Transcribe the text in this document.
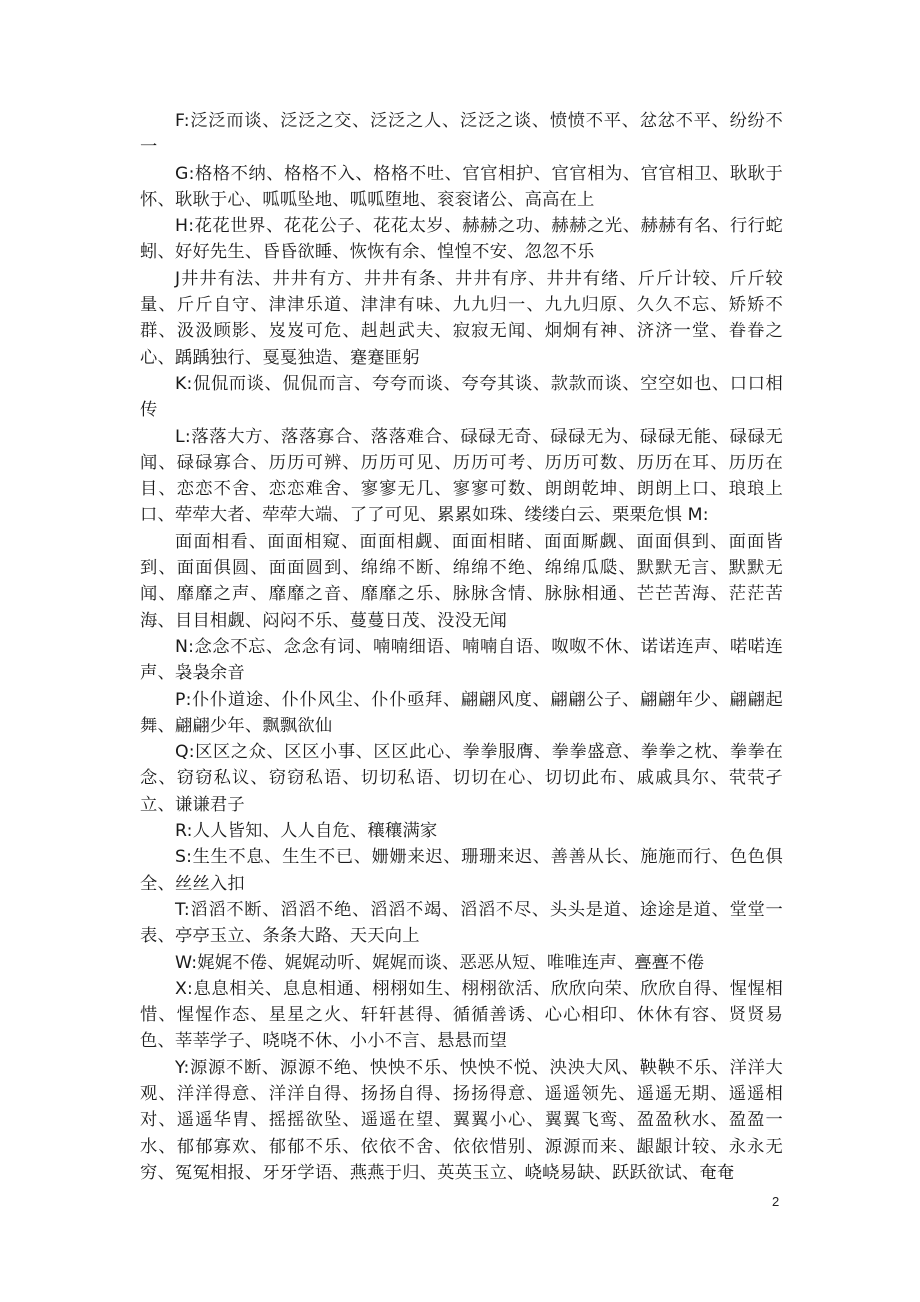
F:泛泛而谈、泛泛之交、泛泛之人、泛泛之谈、愤愤不平、忿忿不平、纷纷不一

G:格格不纳、格格不入、格格不吐、官官相护、官官相为、官官相卫、耿耿于怀、耿耿于心、呱呱坠地、呱呱堕地、衮衮诸公、高高在上

H:花花世界、花花公子、花花太岁、赫赫之功、赫赫之光、赫赫有名、行行蛇蚓、好好先生、昏昏欲睡、恢恢有余、惶惶不安、忽忽不乐

J井井有法、井井有方、井井有条、井井有序、井井有绪、斤斤计较、斤斤较量、斤斤自守、津津乐道、津津有味、九九归一、九九归原、久久不忘、矫矫不群、汲汲顾影、岌岌可危、赳赳武夫、寂寂无闻、炯炯有神、济济一堂、眷眷之心、踽踽独行、戛戛独造、蹇蹇匪躬

K:侃侃而谈、侃侃而言、夸夸而谈、夸夸其谈、款款而谈、空空如也、口口相传

L:落落大方、落落寡合、落落难合、碌碌无奇、碌碌无为、碌碌无能、碌碌无闻、碌碌寡合、历历可辨、历历可见、历历可考、历历可数、历历在耳、历历在目、恋恋不舍、恋恋难舍、寥寥无几、寥寥可数、朗朗乾坤、朗朗上口、琅琅上口、荦荦大者、荦荦大端、了了可见、累累如珠、缕缕白云、栗栗危惧 M:

面面相看、面面相窥、面面相觑、面面相睹、面面厮觑、面面俱到、面面皆到、面面俱圆、面面圆到、绵绵不断、绵绵不绝、绵绵瓜瓞、默默无言、默默无闻、靡靡之声、靡靡之音、靡靡之乐、脉脉含情、脉脉相通、芒芒苦海、茫茫苦海、目目相觑、闷闷不乐、蔓蔓日茂、没没无闻

N:念念不忘、念念有词、喃喃细语、喃喃自语、呶呶不休、诺诺连声、喏喏连声、袅袅余音

P:仆仆道途、仆仆风尘、仆仆亟拜、翩翩风度、翩翩公子、翩翩年少、翩翩起舞、翩翩少年、飘飘欲仙

Q:区区之众、区区小事、区区此心、拳拳服膺、拳拳盛意、拳拳之枕、拳拳在念、窃窃私议、窃窃私语、切切私语、切切在心、切切此布、戚戚具尔、茕茕孑立、谦谦君子

R:人人皆知、人人自危、穰穰满家

S:生生不息、生生不已、姗姗来迟、珊珊来迟、善善从长、施施而行、色色俱全、丝丝入扣

T:滔滔不断、滔滔不绝、滔滔不竭、滔滔不尽、头头是道、途途是道、堂堂一表、亭亭玉立、条条大路、天天向上

W:娓娓不倦、娓娓动听、娓娓而谈、恶恶从短、唯唯连声、亹亹不倦

X:息息相关、息息相通、栩栩如生、栩栩欲活、欣欣向荣、欣欣自得、惺惺相惜、惺惺作态、星星之火、轩轩甚得、循循善诱、心心相印、休休有容、贤贤易色、莘莘学子、哓哓不休、小小不言、悬悬而望

Y:源源不断、源源不绝、怏怏不乐、怏怏不悦、泱泱大风、鞅鞅不乐、洋洋大观、洋洋得意、洋洋自得、扬扬自得、扬扬得意、遥遥领先、遥遥无期、遥遥相对、遥遥华胄、摇摇欲坠、遥遥在望、翼翼小心、翼翼飞鸾、盈盈秋水、盈盈一水、郁郁寡欢、郁郁不乐、依依不舍、依依惜别、源源而来、龈龈计较、永永无穷、冤冤相报、牙牙学语、燕燕于归、英英玉立、峣峣易缺、跃跃欲试、奄奄

2
